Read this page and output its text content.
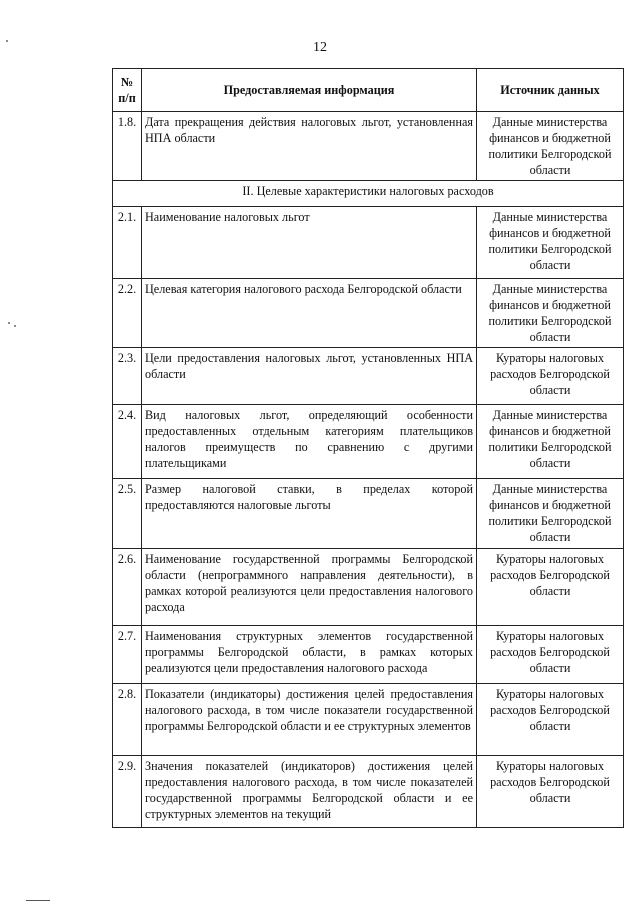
12
№ п/п	Предоставляемая информация	Источник данных
1.8.	Дата прекращения действия налоговых льгот, установленная НПА области	Данные министерства финансов и бюджетной политики Белгородской области
II. Целевые характеристики налоговых расходов		
2.1.	Наименование налоговых льгот	Данные министерства финансов и бюджетной политики Белгородской области
2.2.	Целевая категория налогового расхода Белгородской области	Данные министерства финансов и бюджетной политики Белгородской области
2.3.	Цели предоставления налоговых льгот, установленных НПА области	Кураторы налоговых расходов Белгородской области
2.4.	Вид налоговых льгот, определяющий особенности предоставленных отдельным категориям плательщиков налогов преимуществ по сравнению с другими плательщиками	Данные министерства финансов и бюджетной политики Белгородской области
2.5.	Размер налоговой ставки, в пределах которой предоставляются налоговые льготы	Данные министерства финансов и бюджетной политики Белгородской области
2.6.	Наименование государственной программы Белгородской области (непрограммного направления деятельности), в рамках которой реализуются цели предоставления налогового расхода	Кураторы налоговых расходов Белгородской области
2.7.	Наименования структурных элементов государственной программы Белгородской области, в рамках которых реализуются цели предоставления налогового расхода	Кураторы налоговых расходов Белгородской области
2.8.	Показатели (индикаторы) достижения целей предоставления налогового расхода, в том числе показатели государственной программы Белгородской области и ее структурных элементов	Кураторы налоговых расходов Белгородской области
2.9.	Значения показателей (индикаторов) достижения целей предоставления налогового расхода, в том числе показателей государственной программы Белгородской области и ее структурных элементов на текущий	Кураторы налоговых расходов Белгородской области
